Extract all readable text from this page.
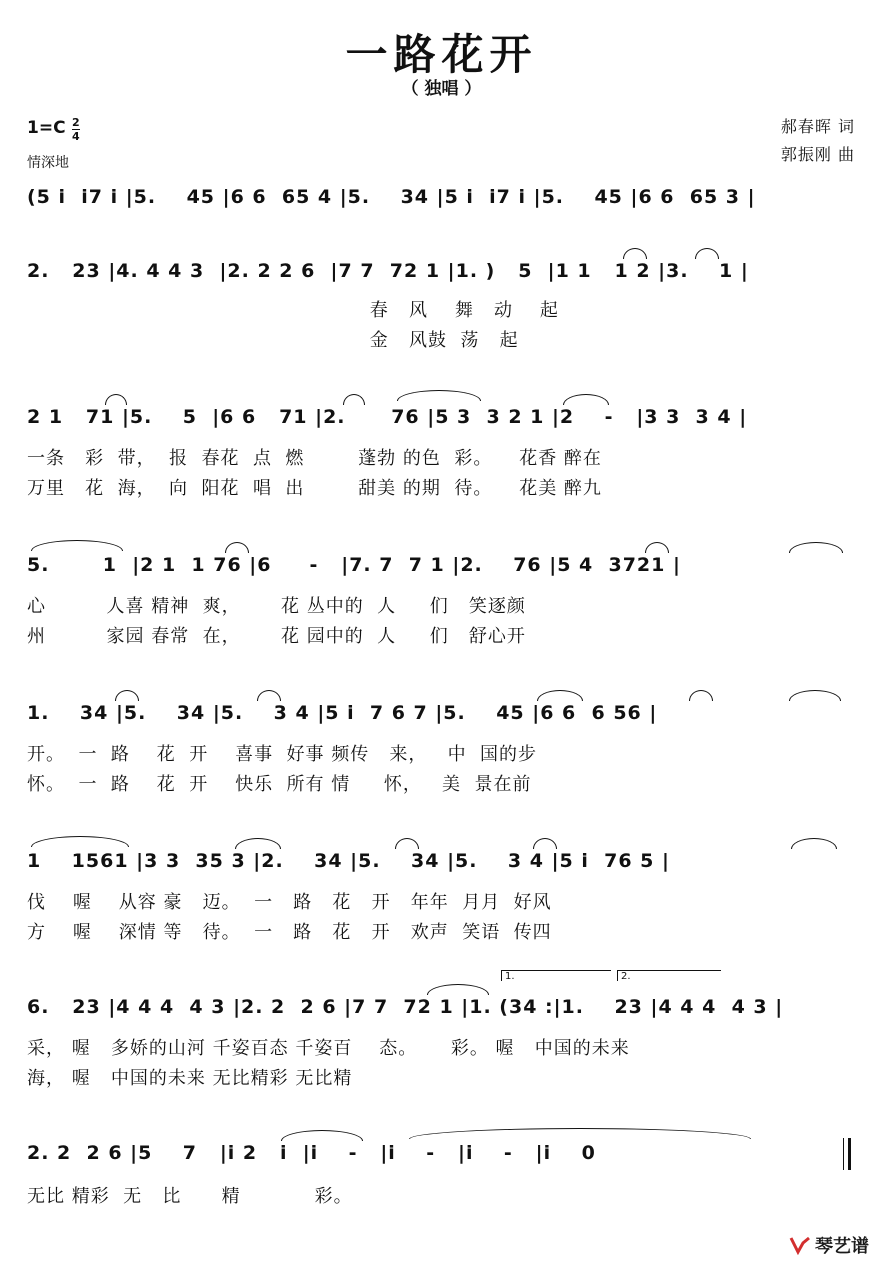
一路花开
（ 独唱 ）
$1=C \frac{2}{4}$
情深地
郝春晖 词
郭振刚 曲
(5 i  i7 i |5.    45 |6 6  65 4 |5.    34 |5 i  i7 i |5.    45 |6 6  65 3 |
2.   23 |4. 4 4 3  |2. 2 2 6  |7 7  72 1 |1. )   5  |1 1   1 2 |3.    1 |
春   风    舞   动    起
金   风鼓  荡   起
2 1   71 |5.    5  |6 6   71 |2.      76 |5 3  3 2 1 |2    -   |3 3  3 4 |
一条   彩  带，  报  春花  点  燃        蓬勃 的色  彩。    花香 醉在
万里   花  海，  向  阳花  唱  出        甜美 的期  待。    花美 醉九
5.       1  |2 1  1 76 |6     -   |7. 7  7 1 |2.    76 |5 4  3721 |
心         人喜 精神  爽，      花 丛中的  人     们   笑逐颜
州         家园 春常  在，      花 园中的  人     们   舒心开
1.    34 |5.    34 |5.    3 4 |5 i  7 6 7 |5.    45 |6 6  6 56 |
开。  一  路    花  开    喜事  好事 频传   来，   中  国的步
怀。  一  路    花  开    快乐  所有 情     怀，   美  景在前
1    1561 |3 3  35 3 |2.    34 |5.    34 |5.    3 4 |5 i  76 5 |
伐    喔    从容 豪   迈。  一   路   花   开   年年  月月  好风
方    喔    深情 等   待。  一   路   花   开   欢声  笑语  传四
1.	2.
6.   23 |4 4 4  4 3 |2. 2  2 6 |7 7  72 1 |1. (34 :|1.    23 |4 4 4  4 3 |
采， 喔   多娇的山河 千姿百态 千姿百    态。     彩。 喔   中国的未来
海， 喔   中国的未来 无比精彩 无比精
2. 2  2 6 |5    7   |i 2   i  |i    -   |i    -   |i    -   |i    0
无比 精彩  无   比      精           彩。
琴艺谱
